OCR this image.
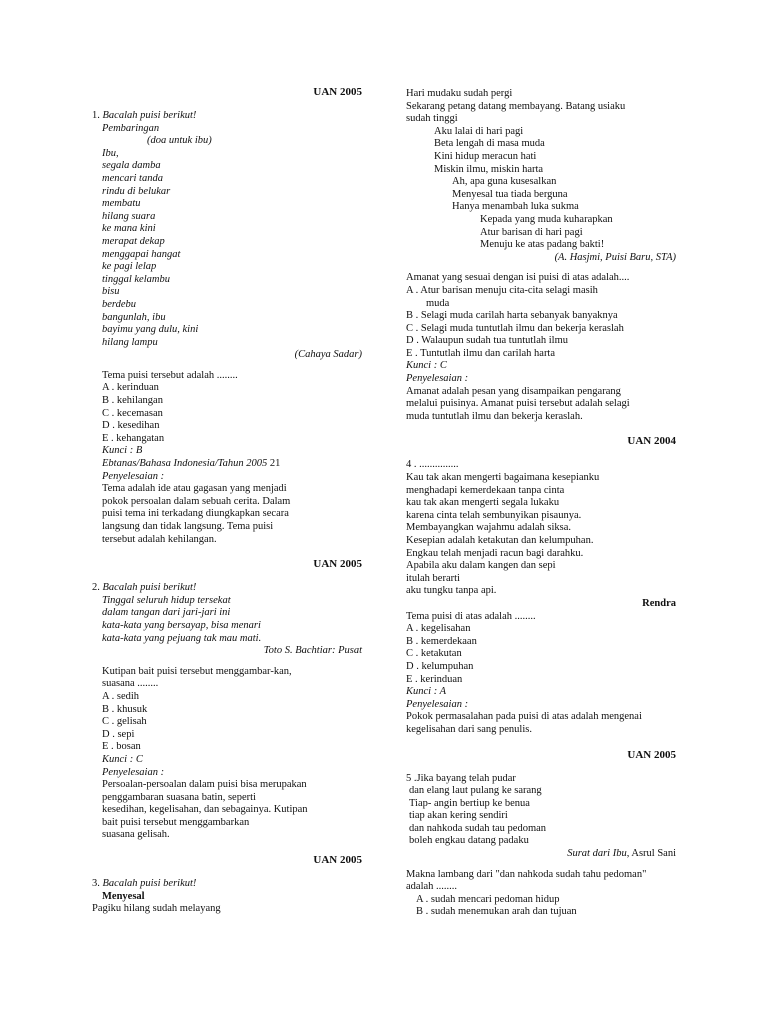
UAN 2005
1. Bacalah puisi berikut!
Pembaringan
(doa untuk ibu)
Ibu,
segala damba
mencari tanda
rindu di belukar
membatu
hilang suara
ke mana kini
merapat dekap
menggapai hangat
ke pagi lelap
tinggal kelambu
bisu
berdebu
bangunlah, ibu
bayimu yang dulu, kini
hilang lampu
(Cahaya Sadar)
Tema puisi tersebut adalah ........
A . kerinduan
B . kehilangan
C . kecemasan
D . kesedihan
E . kehangatan
Kunci : B
Ebtanas/Bahasa Indonesia/Tahun 2005 21
Penyelesaian :
Tema adalah ide atau gagasan yang menjadi
pokok persoalan dalam sebuah cerita. Dalam
puisi tema ini terkadang diungkapkan secara
langsung dan tidak langsung. Tema puisi
tersebut adalah kehilangan.
UAN 2005
2. Bacalah puisi berikut!
Tinggal seluruh hidup tersekat
dalam tangan dari jari-jari ini
kata-kata yang bersayap, bisa menari
kata-kata yang pejuang tak mau mati.
Toto S. Bachtiar: Pusat
Kutipan bait puisi tersebut menggambar-kan,
suasana ........
A . sedih
B . khusuk
C . gelisah
D . sepi
E . bosan
Kunci : C
Penyelesaian :
Persoalan-persoalan dalam puisi bisa merupakan
penggambaran suasana batin, seperti
kesedihan, kegelisahan, dan sebagainya. Kutipan
bait puisi tersebut menggambarkan
suasana gelisah.
UAN 2005
3. Bacalah puisi berikut!
Menyesal
Pagiku hilang sudah melayang
Hari mudaku sudah pergi
Sekarang petang datang membayang. Batang usiaku
sudah tinggi
Aku lalai di hari pagi
Beta lengah di masa muda
Kini hidup meracun hati
Miskin ilmu, miskin harta
Ah, apa guna kusesalkan
Menyesal tua tiada berguna
Hanya menambah luka sukma
Kepada yang muda kuharapkan
Atur barisan di hari pagi
Menuju ke atas padang bakti!
(A. Hasjmi, Puisi Baru, STA)
Amanat yang sesuai dengan isi puisi di atas adalah....
A . Atur barisan menuju cita-cita selagi masih
muda
B . Selagi muda carilah harta sebanyak banyaknya
C . Selagi muda tuntutlah ilmu dan bekerja keraslah
D . Walaupun sudah tua tuntutlah ilmu
E . Tuntutlah ilmu dan carilah harta
Kunci : C
Penyelesaian :
Amanat adalah pesan yang disampaikan pengarang
melalui puisinya. Amanat puisi tersebut adalah selagi
muda tuntutlah ilmu dan bekerja keraslah.
UAN 2004
4 . ...............
Kau tak akan mengerti bagaimana kesepianku
menghadapi kemerdekaan tanpa cinta
kau tak akan mengerti segala lukaku
karena cinta telah sembunyikan pisaunya.
Membayangkan wajahmu adalah siksa.
Kesepian adalah ketakutan dan kelumpuhan.
Engkau telah menjadi racun bagi darahku.
Apabila aku dalam kangen dan sepi
itulah berarti
aku tungku tanpa api.
Rendra
Tema puisi di atas adalah ........
A . kegelisahan
B . kemerdekaan
C . ketakutan
D . kelumpuhan
E . kerinduan
Kunci : A
Penyelesaian :
Pokok permasalahan pada puisi di atas adalah mengenai
kegelisahan dari sang penulis.
UAN 2005
5 .Jika bayang telah pudar
dan elang laut pulang ke sarang
Tiap- angin bertiup ke benua
tiap akan kering sendiri
dan nahkoda sudah tau pedoman
boleh engkau datang padaku
Surat dari Ibu, Asrul Sani
Makna lambang dari "dan nahkoda sudah tahu pedoman"
adalah ........
A . sudah mencari pedoman hidup
B . sudah menemukan arah dan tujuan
